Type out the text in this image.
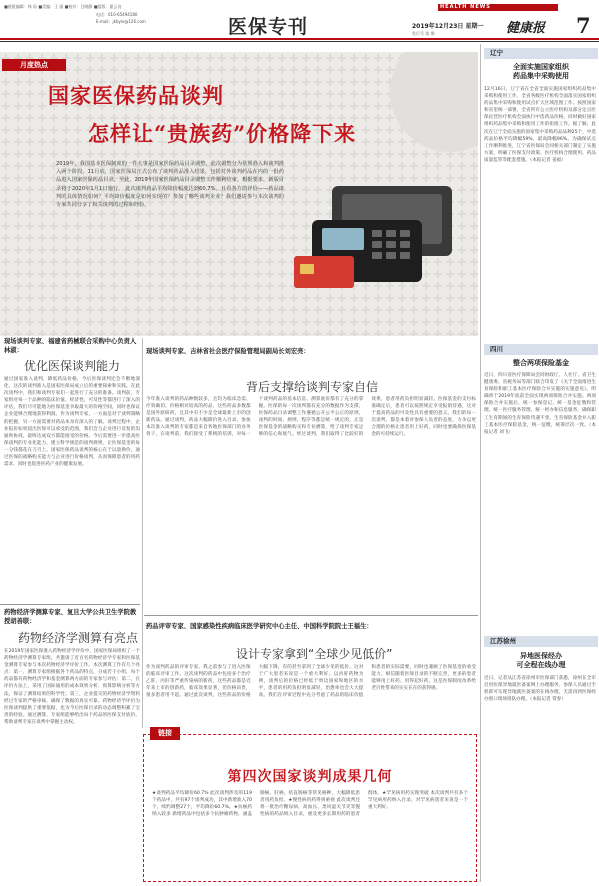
■值班编辑：林 仙 ■美编：王 丽 ■校对：吕晓静 ■组版：霍云良
电话：010-65494180
E-mail：jkbylx@126.com	医保专刊
HEALTH NEWS
2019年12月23日 星期一
发行号 第 期	健康报 7
月度热点
国家医保药品谈判
怎样让“贵族药”价格降下来
2019年，我国基本医保制度的一件大事是国家医保药品目录调整。此次调整分为常规准入和谈判准入两个阶段。11月底，国家医保局正式公布了谈判药品准入结果，包括对外谈判药品在内的一批药品进入国家医保药品目录。至此，2019年国家医保药品目录调整工作顺利结束。根据要求，新版目录将于2020年1月1日施行。 此次谈判药品平均降价幅度达到60.7%，且看各方的评价——药品谈判的具体情况如何？平均降价幅度是如何实现的？参加了哪些谈判企业？我们邀请参与本次谈判的专家共同分享了相关谈判的过程和经验。
现场谈判专家、福建省药械联合采购中心负责人林淑：
优化医保谈判能力
通过国家准入谈判，降低药品价格，今后医保谈判还会不断地深化，这次的谈判准入是国家医保局成立后的重要探索和实践。在此次谈判中，我们和谈判专家们一起进行了充分的准备。谈判前，专家组对每一个品种的临床价值、经济性、可及性等都进行了深入的评估，我们尽可能地为医保基金争取最大的价格空间，同时也保证企业能够合理地获得利润。作为谈判专家，一方面是对于谈判策略的把握，另一方面需要对药品本身有深入的了解。谈判过程中，企业报价如果超出医保可以承受的范围，我们会与企业进行反复的沟通和协商，最终达成双方都能接受的价格。今后需要进一步提高医保谈判的专业化能力，建立科学规范的谈判规则，让医保基金的每一分钱都花在刀刃上。国家医保药品谈判的核心在于以量换价，通过医保的战略购买能力与企业进行价格谈判，从而保障患者的用药需求，同时也促进医药产业的健康发展。
现场谈判专家、吉林省社会医疗保险管理局副局长刘宏亮：
背后支撑给谈判专家自信
今年准入谈判的药品种数较多，且均为临床急需、疗效确切、价格相对较高的药品，这些药品多数都是国外原研药，且其中有不少是全球最新上市的创新药品。通过谈判，药品大幅降价进入目录，参加本次准入谈判的专家都是来自各地医保部门的业务骨干，在谈判前，我们接受了系统的培训，对每一个谈判药品的基本信息、测算底价都有了充分的掌握。医保的每一次谈判都有充分的数据作为支撑，医保药品目录调整工作遵循公开公平公正的原则，谈判的时间、规则、程序等都是统一规定的。正是医保基金的战略购买和专业测算，给了谈判专家足够的信心和底气。经过谈判，我们取得了比较好的效果，患者用药负担明显减轻。医保基金的支付标准确定后，患者可以按照规定享受报销待遇，这对于提高药品的可及性具有重要的意义。我们的每一次谈判，都是本着对参保人负责的态度，力争以更合理的价格让患者用上好药，同时也要确保医保基金的可持续运行。
药物经济学测算专家、复旦大学公共卫生学院教授胡善联：
药物经济学测算有亮点
在2019年国家医保准入药物经济学评价中，国家医保局组织了一个药物经济学测算专家组，共邀请了近百名药物经济学专家和医保基金测算专家参与本次药物经济学评价工作。本次测算工作有几个亮点：第一，测算专家组根据各个药品的特点，分成若干小组，每个药品都有药物经济学和基金测算两方面的专家参与评估；第二，在评价方法上，采用了国际通用的成本效果分析、预算影响分析等方法，保证了测算结果的科学性；第三，企业提交的药物经济学资料经过专家的严格审核，确保了数据的真实可靠。药物经济学评价为医保谈判提供了重要依据，也为今后医保目录的动态调整积累了宝贵的经验。通过测算，专家组能够给出每个药品的医保支付底价，帮助谈判专家在谈判中掌握主动权。
药品评审专家、国家感染性疾病临床医学研究中心主任、中国科学院院士王福生：
设计专家拿到“全球少见低价”
作为谈判药品的评审专家，我之前参与了进入医保的临床评审工作。这次谈判的药品中包括多个治疗乙肝、丙肝等严重传染病的新药，这些药品都是近年来上市的创新药，临床效果显著，但价格昂贵，很多患者用不起。通过此次谈判，这些药品的价格大幅下降，有的甚至拿到了全球少见的低价。这对于广大患者来说是一个重大利好。以丙肝药物为例，谈判后的价格已经低于周边国家和地区的水平，患者的用药负担明显减轻，治愈率也会大大提高。我们在评审过程中充分考虑了药品的临床价值和患者的实际需要，同时也兼顾了医保基金的承受能力。相信随着医保目录的不断完善，更多的患者能够用上好药、用得起好药，这是医保制度改革给老百姓带来的实实在在的获得感。
链接
第四次国家谈判成果几何
★谈判药品平均降价60.7% 此次谈判涉及的119个药品中，共有97个谈判成功，其中新增准入70个，续约调整27个，平均降价60.7%。★抗癌药纳入较多 新增药品中包括多个抗肿瘤药物，涵盖肺癌、肝癌、结直肠癌等常见癌种，大幅降低患者用药负担。★慢性病用药得到重视 此次谈判还将一批治疗糖尿病、高血压、类风湿关节炎等慢性病的药品纳入目录，惠及更多长期用药的患者群体。★罕见病用药实现突破 本次谈判共有多个罕见病用药纳入目录，对罕见病患者来说是一个重大利好。
辽宁
全面实施国家组织
药品集中采购使用
12月16日，辽宁省在全省全面实施国家组织药品集中采购和使用工作，全省各级医疗机构全面落实国家组织药品集中采购和使用试点扩大区域范围工作。按照国家和省里统一部署，全省所有公立医疗机构及部分定点医保民营医疗机构全面执行中选药品价格，同时做好国家组织药品集中采购和使用工作的衔接工作。据了解，此次在辽宁全面实施的国家集中采购药品品种25个，中选药品价格平均降幅59%，最高降幅96%。为确保试点工作顺利推进，辽宁省医保局会同相关部门制定了实施方案，明确了医保支付政策、医疗机构合理使用、药品质量监管等配套措施。（本报记者 姜福）
四川
整合两项保险基金
近日，四川省医疗保障局会同财政厅、人社厅、省卫生健康委、省税务局等部门联合印发了《关于全面推进生育保险和职工基本医疗保险合并实施的实施意见》，明确将于2019年底前全面实现两项保险合并实施。两项保险合并实施后，统一参保登记、统一基金征缴和管理、统一医疗服务管理、统一经办和信息服务，确保职工生育期间的生育保险待遇不变。生育保险基金并入职工基本医疗保险基金，统一征缴，统筹层次一致。（本报记者 刘飞）
江苏徐州
异地医保经办
可全程在线办理
近日，记者从江苏省徐州市医保部门获悉，徐州在全市启用医保异地就医备案网上办理服务，参保人员通过手机即可实现异地就医备案的在线办理，无需再到医保经办窗口现场排队办理。（本报记者 常春）
